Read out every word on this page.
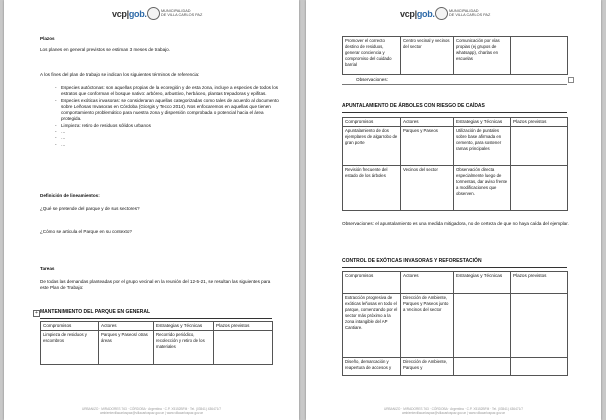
vcp|gob.	MUNICIPALIDAD
DE VILLA CARLOS PAZ
Plazos
Los planes en general previstos se estiman 3 meses de trabajo.
A los fines del plan de trabajo se indican los siguientes términos de referencia:
- Especies autóctonas: son aquellas propias de la ecoregión y de esta zona, incluye a especies de todos los estratos que conforman el bosque nativo: arbóreo, arbustivo, herbáceo, plantas trepadoras y epifitas.
- Especies exóticas invasoras: se consideraran aquellas categorizadas como tales de acuerdo al documento sobre Leñosas Invasoras en Córdoba (Giorgis y Tecco 2014). Nos enfocaremos en aquellas que tienen comportamiento problemático para nuestra zona y dispersión comprobada o potencial hacia el área protegida.
- Limpieza: retiro de residuos sólidos urbanos
- …
- …
- …
Definición de lineamientos:
¿Qué se pretende del parque y de sus sectores?
¿Cómo se articula el Parque en su contexto?
Tareas
De todas las demandas planteadas por el grupo vecinal en la reunión del 12-5-21, se resultan las siguientes para este Plan de Trabajo:
+ MANTENIMIENTO DEL PARQUE EN GENERAL
Compromisos	Actores	Estrategias y Técnicas	Plazos previstos
Limpieza de residuos y escombros	Parques y Paseos/ otras áreas	Recorrido periódico, recolección y retiro de los materiales	
URBANIZO · MIRADORES 763 · CÓRDOBA · Argentina · C.P. X5152BFM · Tel. (03541) 436471/7
ambientevillacarlospaz@villacarlospaz.gov.ar | www.villacarlospaz.gov.ar
vcp|gob.	MUNICIPALIDAD
DE VILLA CARLOS PAZ
Promover el correcto destino de residuos, generar conciencia y compromiso del cuidado barrial	Centro vecinal y vecinos del sector	Comunicación por vías propias (ej grupos de whatsapp), charlas en escuelas	
Observaciones:
APUNTALAMIENTO DE ÁRBOLES CON RIESGO DE CAÍDAS
Compromisos	Actores	Estrategias y Técnicas	Plazos previstos
Apuntalamiento de dos ejemplares de algarrobo de gran porte	Parques y Paseos	Utilización de puntales sobre base afirmada en cemento, para sostener ramas principales	
Revisión frecuente del estado de los árboles	Vecinos del sector	Observación directa especialmente luego de tormentas, dar aviso frente a modificaciones que observen.	
Observaciones: el apuntalamiento es una medida mitigadora, no de certeza de que no haya caída del ejemplar.
CONTROL DE EXÓTICAS INVASORAS Y REFORESTACIÓN
Compromisos	Actores	Estrategias y Técnicas	Plazos previstos
Extracción progresiva de exóticas leñosas en todo el parque, comenzando por el sector más próximo a la zona intangible del AP Cantiare.	Dirección de Ambiente, Parques y Paseos junto a Vecinos del sector		
Diseño, demarcación y reapertura de accesos y	Dirección de Ambiente, Parques y		
URBANIZO · MIRADORES 763 · CÓRDOBA · Argentina · C.P. X5152BFM · Tel. (03541) 436471/7
ambientevillacarlospaz@villacarlospaz.gov.ar | www.villacarlospaz.gov.ar
